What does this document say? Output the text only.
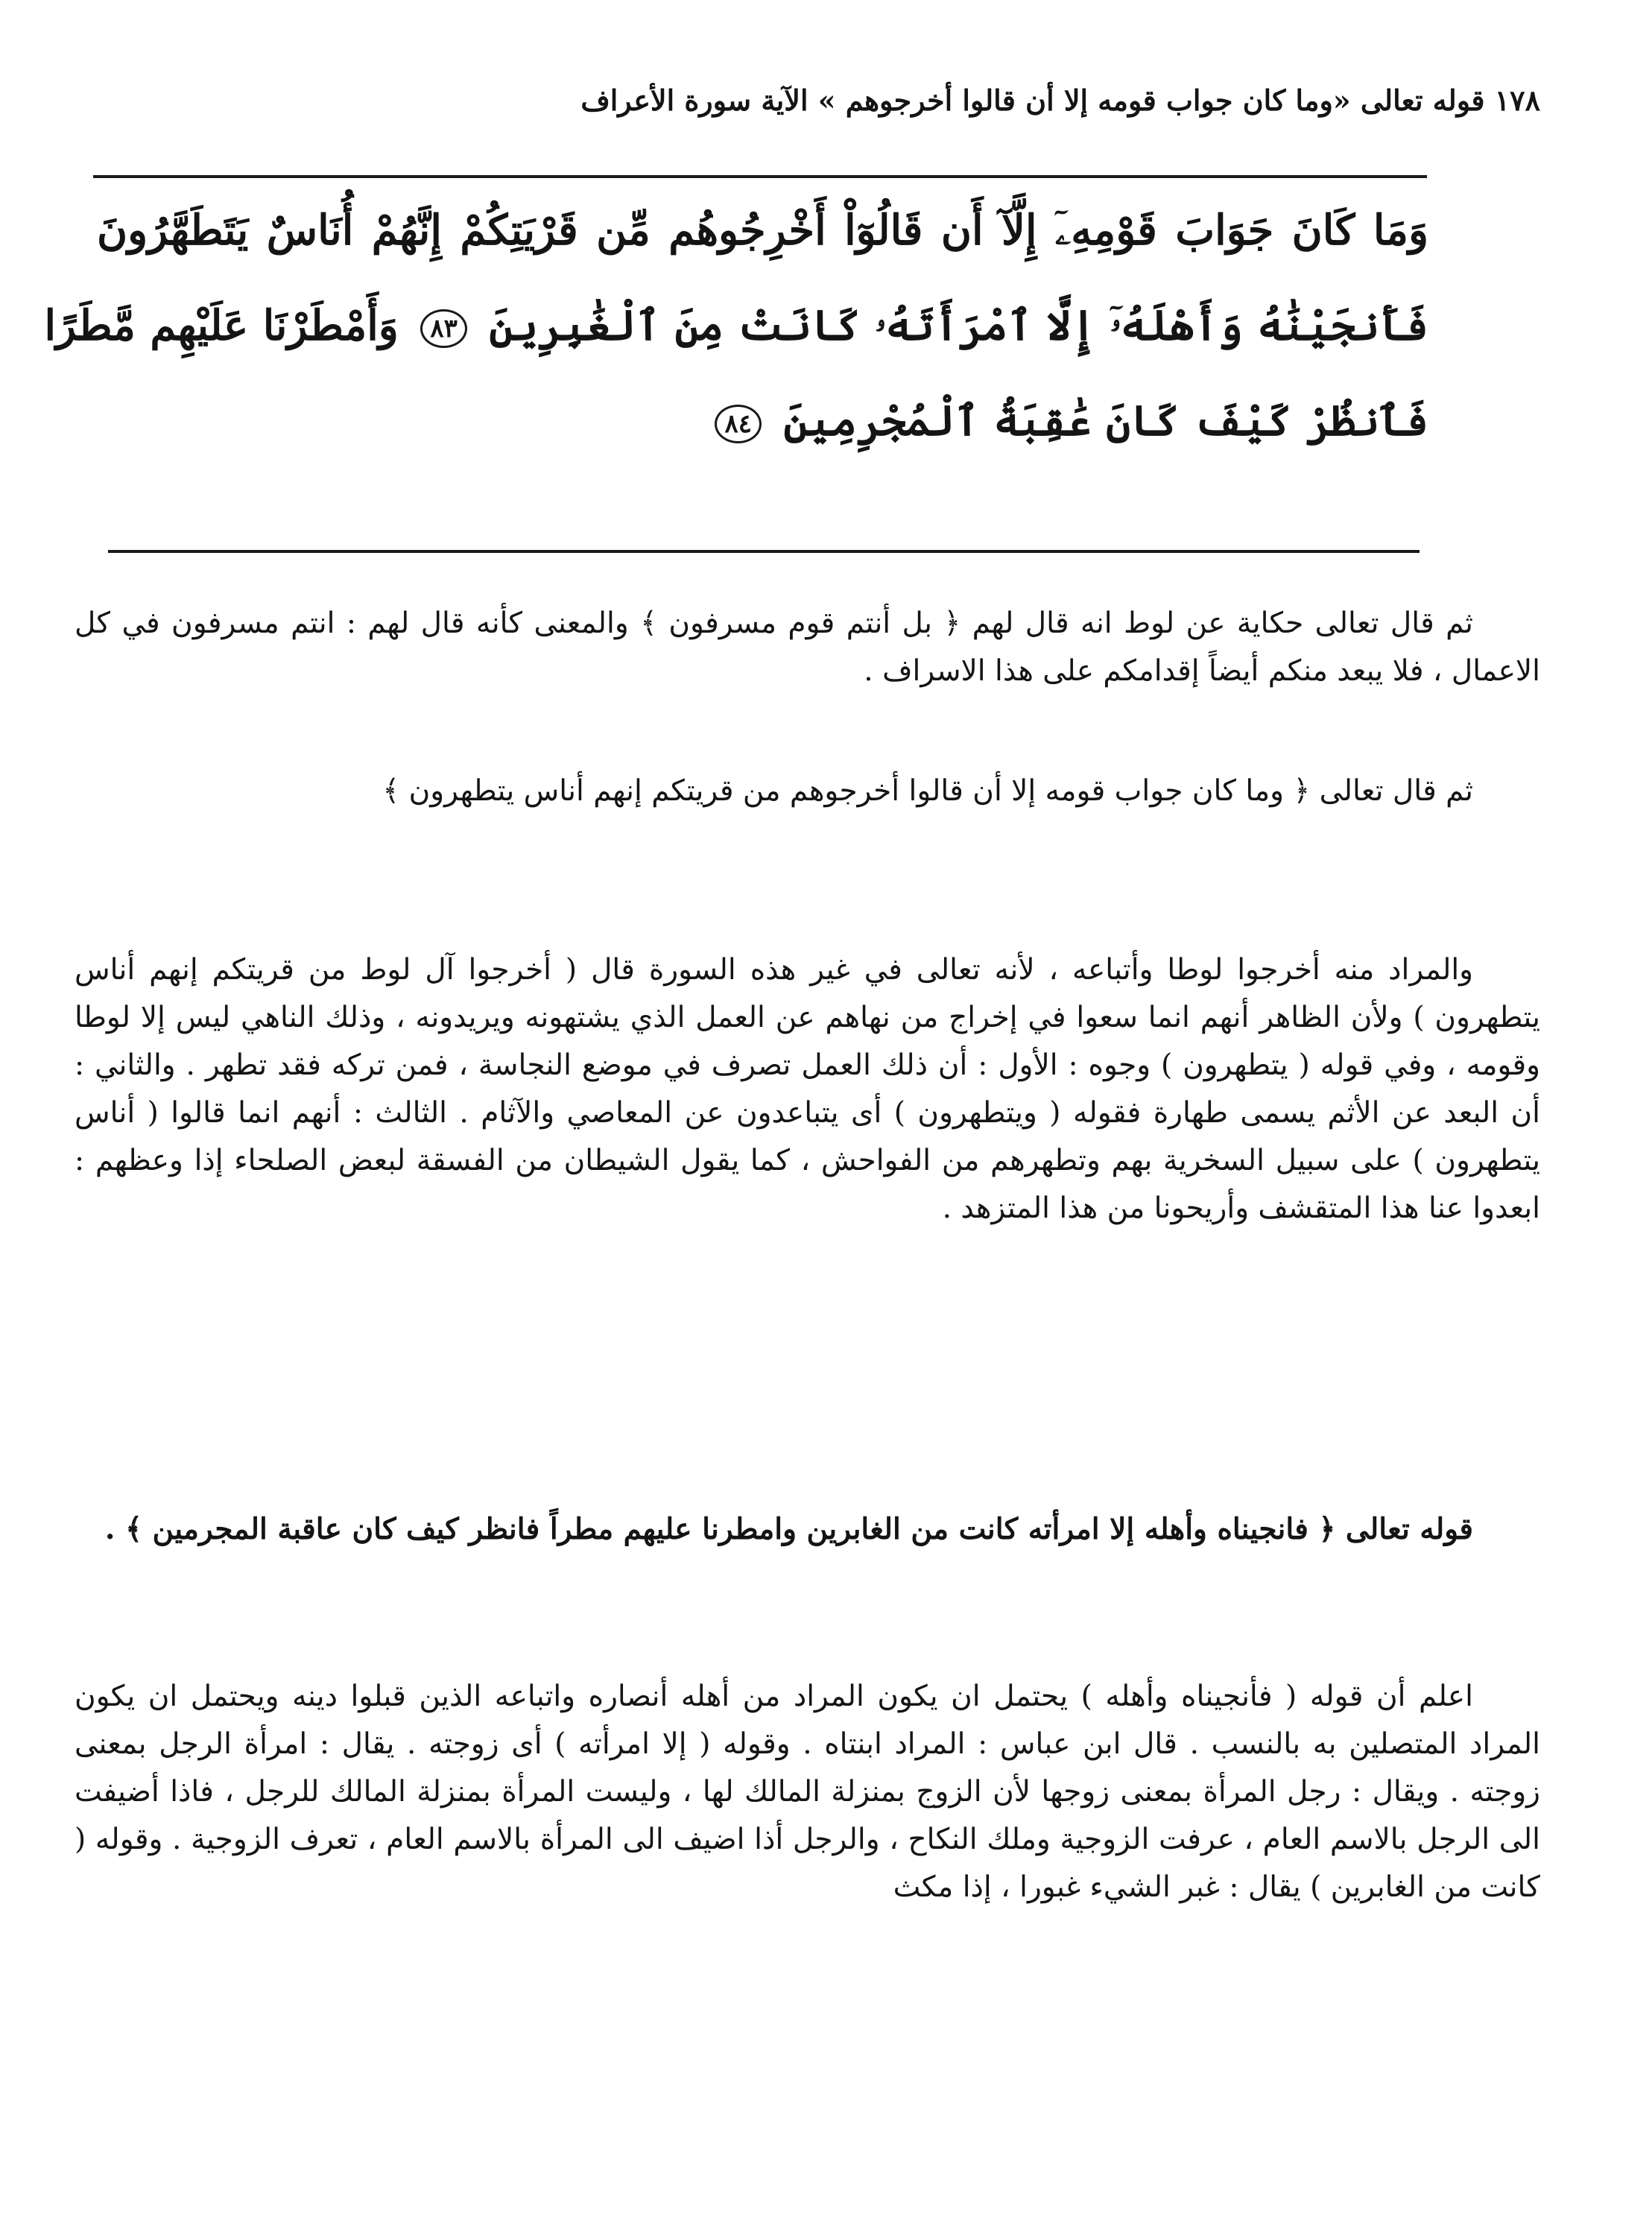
١٧٨ قوله تعالى «وما كان جواب قومه إلا أن قالوا أخرجوهم » الآية سورة الأعراف
وَمَا كَانَ جَوَابَ قَوْمِهِۦٓ إِلَّآ أَن قَالُوٓاْ أَخْرِجُوهُم مِّن قَرْيَتِكُمْ إِنَّهُمْ أُنَاسٌ يَتَطَهَّرُونَ
فَأَنجَيْنَٰهُ وَأَهْلَهُۥٓ إِلَّا ٱمْرَأَتَهُۥ كَانَتْ مِنَ ٱلْغَٰبِرِينَ ٨٣ وَأَمْطَرْنَا عَلَيْهِم مَّطَرًا
فَٱنظُرْ كَيْفَ كَانَ عَٰقِبَةُ ٱلْمُجْرِمِينَ ٨٤

ثم قال تعالى حكاية عن لوط انه قال لهم ﴿ بل أنتم قوم مسرفون ﴾ والمعنى كأنه قال لهم : انتم مسرفون في كل الاعمال ، فلا يبعد منكم أيضاً إقدامكم على هذا الاسراف .

ثم قال تعالى ﴿ وما كان جواب قومه إلا أن قالوا أخرجوهم من قريتكم إنهم أناس يتطهرون ﴾

والمراد منه أخرجوا لوطا وأتباعه ، لأنه تعالى في غير هذه السورة قال ( أخرجوا آل لوط من قريتكم إنهم أناس يتطهرون ) ولأن الظاهر أنهم انما سعوا في إخراج من نهاهم عن العمل الذي يشتهونه ويريدونه ، وذلك الناهي ليس إلا لوطا وقومه ، وفي قوله ( يتطهرون ) وجوه : الأول : أن ذلك العمل تصرف في موضع النجاسة ، فمن تركه فقد تطهر . والثاني : أن البعد عن الأثم يسمى طهارة فقوله ( ويتطهرون ) أى يتباعدون عن المعاصي والآثام . الثالث : أنهم انما قالوا ( أناس يتطهرون ) على سبيل السخرية بهم وتطهرهم من الفواحش ، كما يقول الشيطان من الفسقة لبعض الصلحاء إذا وعظهم : ابعدوا عنا هذا المتقشف وأريحونا من هذا المتزهد .

قوله تعالى ﴿ فانجيناه وأهله إلا امرأته كانت من الغابرين وامطرنا عليهم مطراً فانظر كيف كان عاقبة المجرمين ﴾ .

اعلم أن قوله ( فأنجيناه وأهله ) يحتمل ان يكون المراد من أهله أنصاره واتباعه الذين قبلوا دينه ويحتمل ان يكون المراد المتصلين به بالنسب . قال ابن عباس : المراد ابنتاه . وقوله ( إلا امرأته ) أى زوجته . يقال : امرأة الرجل بمعنى زوجته . ويقال : رجل المرأة بمعنى زوجها لأن الزوج بمنزلة المالك لها ، وليست المرأة بمنزلة المالك للرجل ، فاذا أضيفت الى الرجل بالاسم العام ، عرفت الزوجية وملك النكاح ، والرجل أذا اضيف الى المرأة بالاسم العام ، تعرف الزوجية . وقوله ( كانت من الغابرين ) يقال : غبر الشيء غبورا ، إذا مكث
